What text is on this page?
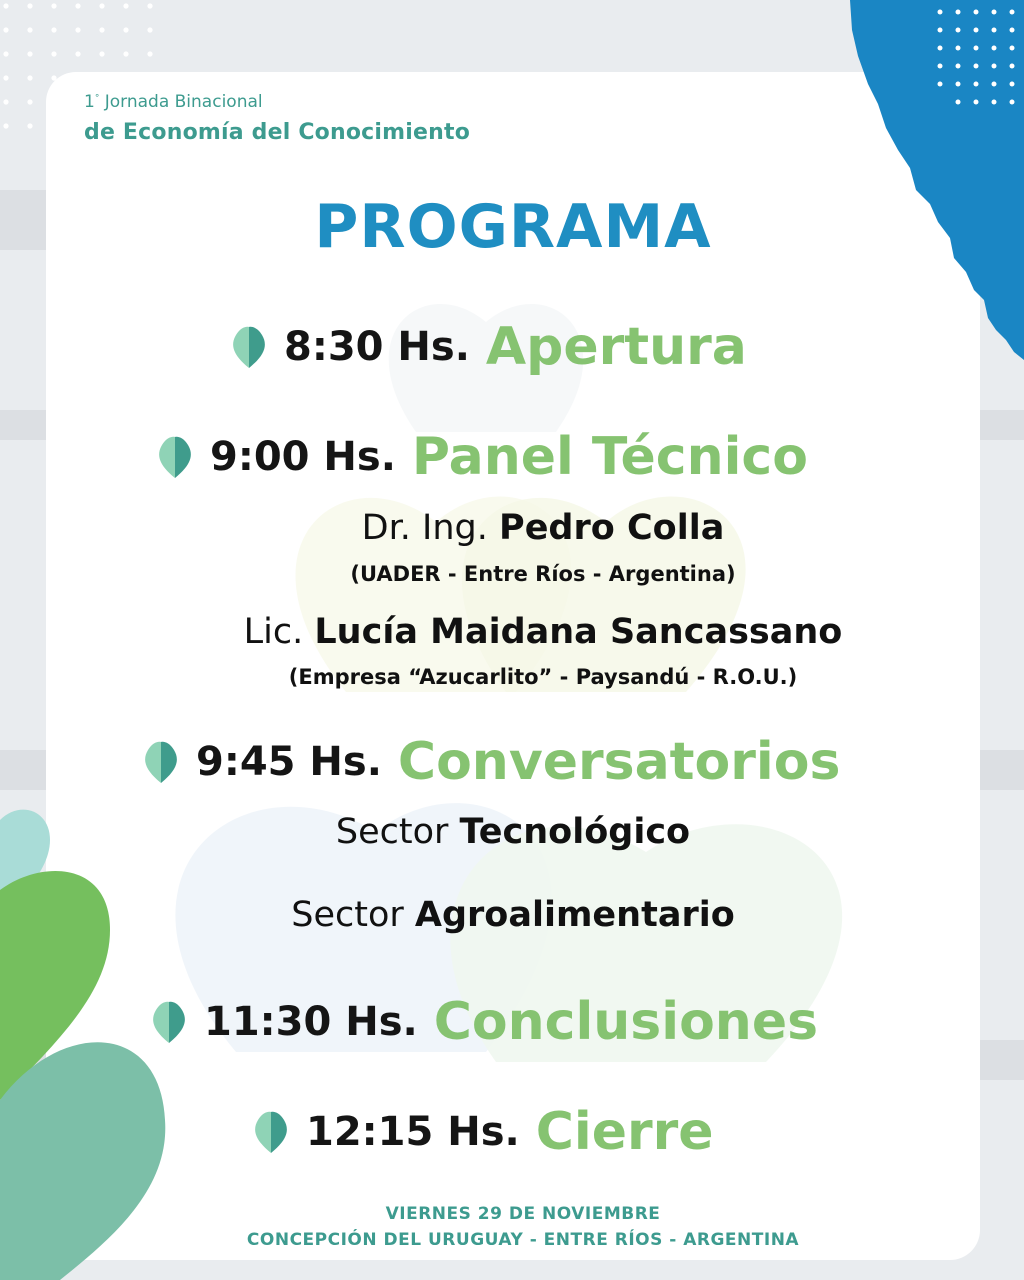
1° Jornada Binacional
de Economía del Conocimiento
PROGRAMA
8:30 Hs. Apertura
9:00 Hs. Panel Técnico
Dr. Ing. Pedro Colla
(UADER - Entre Ríos - Argentina)
Lic. Lucía Maidana Sancassano
(Empresa “Azucarlito” - Paysandú - R.O.U.)
9:45 Hs. Conversatorios
Sector Tecnológico
Sector Agroalimentario
11:30 Hs. Conclusiones
12:15 Hs. Cierre
VIERNES 29 DE NOVIEMBRE
CONCEPCIÓN DEL URUGUAY - ENTRE RÍOS - ARGENTINA
